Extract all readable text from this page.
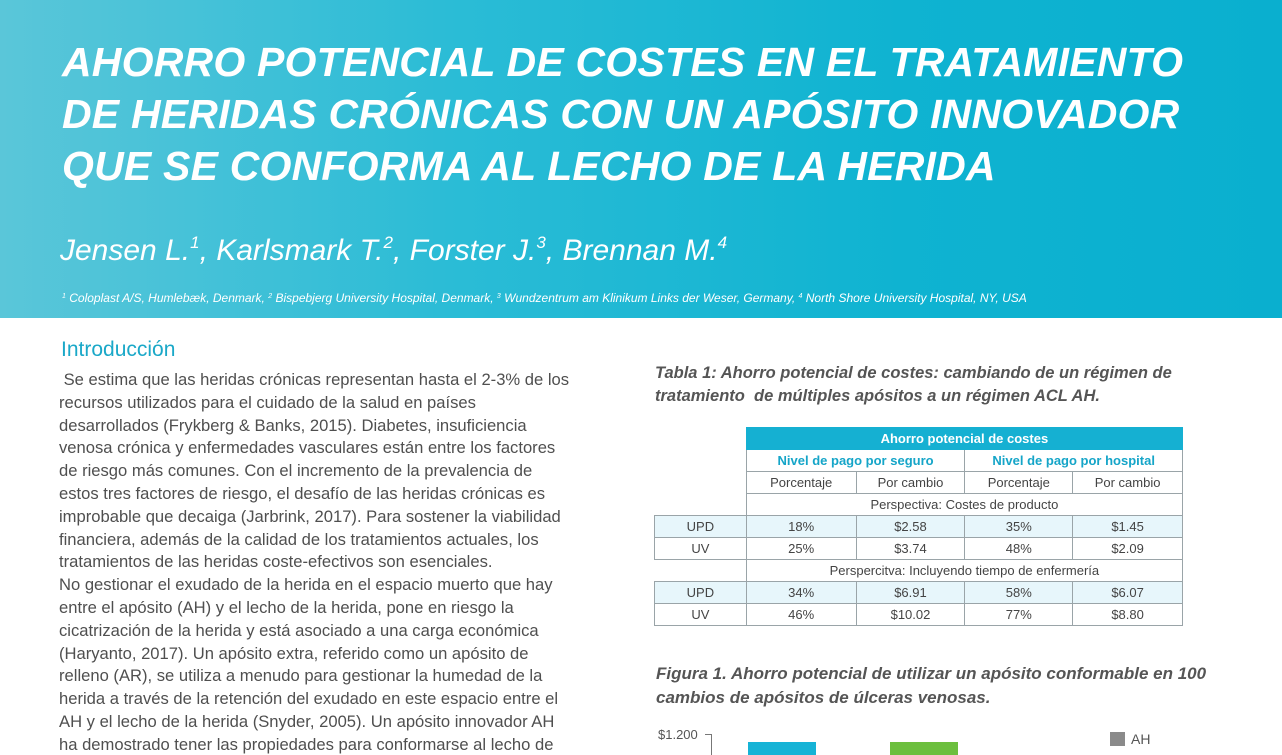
AHORRO POTENCIAL DE COSTES EN EL TRATAMIENTO
DE HERIDAS CRÓNICAS CON UN APÓSITO INNOVADOR
QUE SE CONFORMA AL LECHO DE LA HERIDA
Jensen L.$^1$, Karlsmark T.$^2$, Forster J.$^3$, Brennan M.$^4$
$^1$ Coloplast A/S, Humlebæk, Denmark, $^2$ Bispebjerg University Hospital, Denmark, $^3$ Wundzentrum am Klinikum Links der Weser, Germany, $^4$ North Shore University Hospital, NY, USA
Introducción

Se estima que las heridas crónicas representan hasta el 2-3% de los

recursos utilizados para el cuidado de la salud en países

desarrollados (Frykberg & Banks, 2015). Diabetes, insuficiencia

venosa crónica y enfermedades vasculares están entre los factores

de riesgo más comunes. Con el incremento de la prevalencia de

estos tres factores de riesgo, el desafío de las heridas crónicas es

improbable que decaiga (Jarbrink, 2017). Para sostener la viabilidad

financiera, además de la calidad de los tratamientos actuales, los

tratamientos de las heridas coste-efectivos son esenciales.

No gestionar el exudado de la herida en el espacio muerto que hay

entre el apósito (AH) y el lecho de la herida, pone en riesgo la

cicatrización de la herida y está asociado a una carga económica

(Haryanto, 2017). Un apósito extra, referido como un apósito de

relleno (AR), se utiliza a menudo para gestionar la humedad de la

herida a través de la retención del exudado en este espacio entre el

AH y el lecho de la herida (Snyder, 2005). Un apósito innovador AH

ha demostrado tener las propiedades para conformarse al lecho de

Tabla 1: Ahorro potencial de costes: cambiando de un régimen de
tratamiento  de múltiples apósitos a un régimen ACL AH.
	Ahorro potencial de costes			
	Nivel de pago por seguro		Nivel de pago por hospital	
	Porcentaje	Por cambio	Porcentaje	Por cambio
	Perspectiva: Costes de producto			
UPD	18%	$2.58	35%	$1.45
UV	25%	$3.74	48%	$2.09
	Perspercitva: Incluyendo tiempo de enfermería			
UPD	34%	$6.91	58%	$6.07
UV	46%	$10.02	77%	$8.80
Figura 1. Ahorro potencial de utilizar un apósito conformable en 100
cambios de apósitos de úlceras venosas.
$1.200	AH
